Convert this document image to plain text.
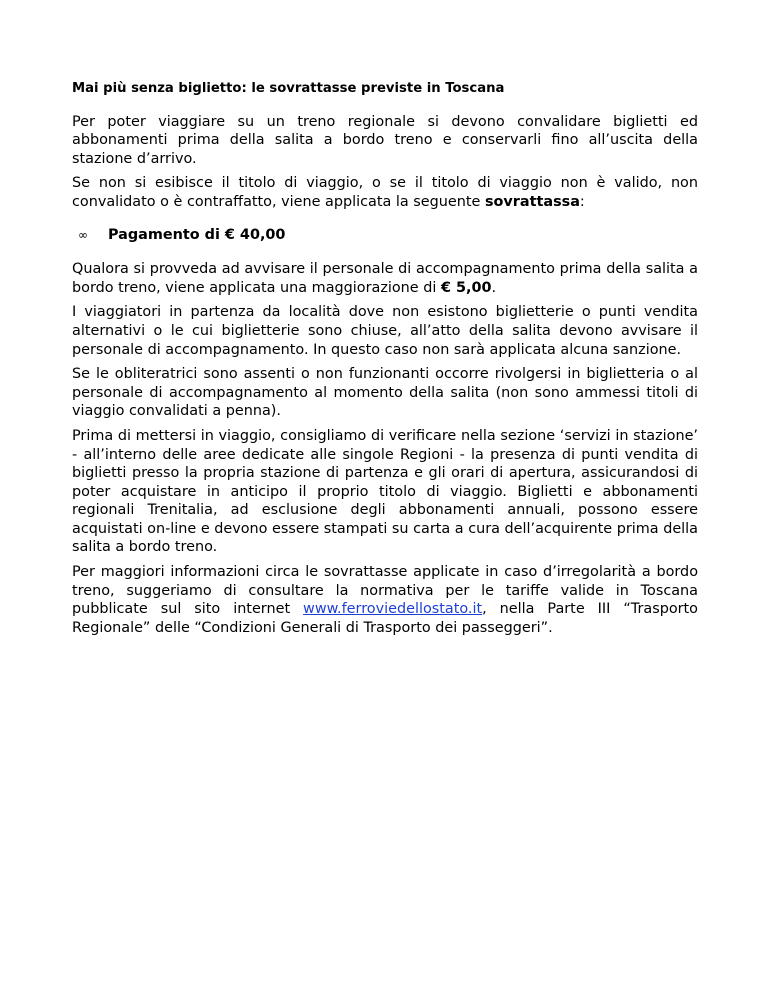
Mai più senza biglietto: le sovrattasse previste in Toscana

Per poter viaggiare su un treno regionale si devono convalidare biglietti ed abbonamenti prima della salita a bordo treno e conservarli fino all’uscita della stazione d’arrivo.

Se non si esibisce il titolo di viaggio, o se il titolo di viaggio non è valido, non convalidato o è contraffatto, viene applicata la seguente sovrattassa:

∞	Pagamento di € 40,00

Qualora si provveda ad avvisare il personale di accompagnamento prima della salita a bordo treno, viene applicata una maggiorazione di € 5,00.

I viaggiatori in partenza da località dove non esistono biglietterie o punti vendita alternativi o le cui biglietterie sono chiuse, all’atto della salita devono avvisare il personale di accompagnamento. In questo caso non sarà applicata alcuna sanzione.

Se le obliteratrici sono assenti o non funzionanti occorre rivolgersi in biglietteria o al personale di accompagnamento al momento della salita (non sono ammessi titoli di viaggio convalidati a penna).

Prima di mettersi in viaggio, consigliamo di verificare nella sezione ‘servizi in stazione’ - all’interno delle aree dedicate alle singole Regioni - la presenza di punti vendita di biglietti presso la propria stazione di partenza e gli orari di apertura, assicurandosi di poter acquistare in anticipo il proprio titolo di viaggio. Biglietti e abbonamenti regionali Trenitalia, ad esclusione degli abbonamenti annuali, possono essere acquistati on-line e devono essere stampati su carta a cura dell’acquirente prima della salita a bordo treno.

Per maggiori informazioni circa le sovrattasse applicate in caso d’irregolarità a bordo treno, suggeriamo di consultare la normativa per le tariffe valide in Toscana pubblicate sul sito internet www.ferroviedellostato.it, nella Parte III “Trasporto Regionale” delle “Condizioni Generali di Trasporto dei passeggeri”.
